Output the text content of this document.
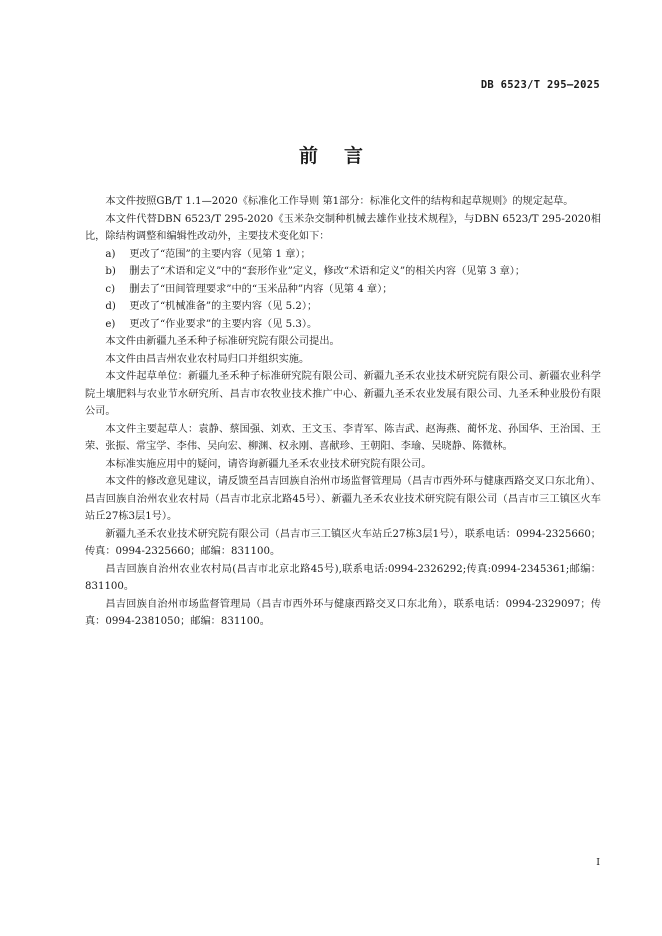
DB 6523/T 295—2025
前言

本文件按照GB/T 1.1—2020《标准化工作导则 第1部分：标准化文件的结构和起草规则》的规定起草。

本文件代替DBN 6523/T 295-2020《玉米杂交制种机械去雄作业技术规程》，与DBN 6523/T 295-2020相比，除结构调整和编辑性改动外，主要技术变化如下：

a) 更改了“范围”的主要内容（见第 1 章）；

b) 删去了“术语和定义”中的“套形作业”定义，修改“术语和定义”的相关内容（见第 3 章）；

c) 删去了“田间管理要求”中的“玉米品种”内容（见第 4 章）；

d) 更改了“机械准备”的主要内容（见 5.2）；

e) 更改了“作业要求”的主要内容（见 5.3）。

本文件由新疆九圣禾种子标准研究院有限公司提出。

本文件由昌吉州农业农村局归口并组织实施。

本文件起草单位：新疆九圣禾种子标准研究院有限公司、新疆九圣禾农业技术研究院有限公司、新疆农业科学院土壤肥料与农业节水研究所、昌吉市农牧业技术推广中心、新疆九圣禾农业发展有限公司、九圣禾种业股份有限公司。

本文件主要起草人：袁静、蔡国强、刘欢、王文玉、李青军、陈吉武、赵海燕、蔺怀龙、孙国华、王治国、王荣、张振、常宝学、李伟、吴向宏、柳渊、权永刚、喜献珍、王朝阳、李瑜、吴晓静、陈微林。

本标准实施应用中的疑问，请咨询新疆九圣禾农业技术研究院有限公司。

本文件的修改意见建议，请反馈至昌吉回族自治州市场监督管理局（昌吉市西外环与健康西路交叉口东北角）、昌吉回族自治州农业农村局（昌吉市北京北路45号）、新疆九圣禾农业技术研究院有限公司（昌吉市三工镇区火车站丘27栋3层1号）。

新疆九圣禾农业技术研究院有限公司（昌吉市三工镇区火车站丘27栋3层1号），联系电话：0994-2325660；传真：0994-2325660；邮编：831100。

昌吉回族自治州农业农村局(昌吉市北京北路45号),联系电话:0994-2326292;传真:0994-2345361;邮编：831100。

昌吉回族自治州市场监督管理局（昌吉市西外环与健康西路交叉口东北角），联系电话：0994-2329097；传真：0994-2381050；邮编：831100。

I
